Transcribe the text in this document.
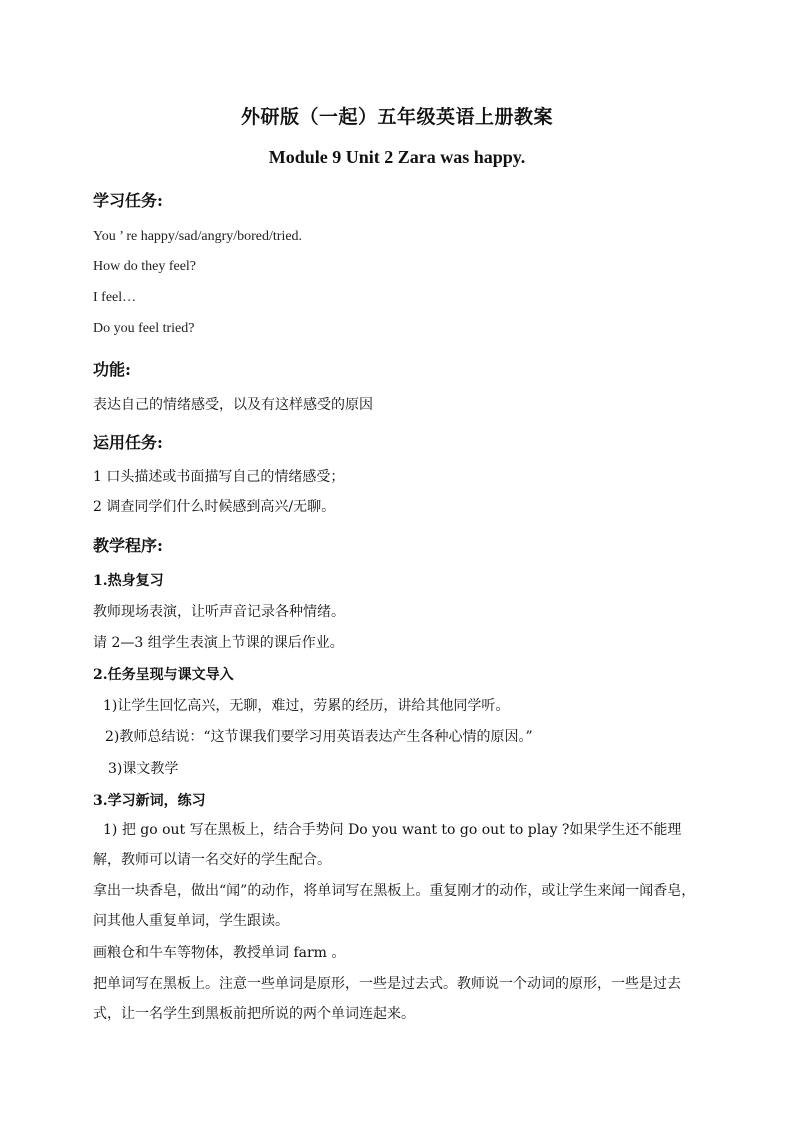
外研版（一起）五年级英语上册教案
Module 9 Unit 2 Zara was happy.
学习任务:
You ’ re happy/sad/angry/bored/tried.
How do they feel?
I feel…
Do you feel tried?
功能:
表达自己的情绪感受，以及有这样感受的原因
运用任务:
1 口头描述或书面描写自己的情绪感受；
2 调查同学们什么时候感到高兴/无聊。
教学程序:
1.热身复习
教师现场表演，让听声音记录各种情绪。
请 2—3 组学生表演上节课的课后作业。
2.任务呈现与课文导入
1)让学生回忆高兴，无聊，难过，劳累的经历，讲给其他同学听。
2)教师总结说：“这节课我们要学习用英语表达产生各种心情的原因。”
3)课文教学
3.学习新词，练习
1) 把 go out 写在黑板上，结合手势问 Do you want to go out to play ?如果学生还不能理解，教师可以请一名交好的学生配合。
拿出一块香皂，做出“闻”的动作，将单词写在黑板上。重复刚才的动作，或让学生来闻一闻香皂，问其他人重复单词，学生跟读。
画粮仓和牛车等物体，教授单词 farm 。
把单词写在黑板上。注意一些单词是原形，一些是过去式。教师说一个动词的原形，一些是过去式，让一名学生到黑板前把所说的两个单词连起来。
